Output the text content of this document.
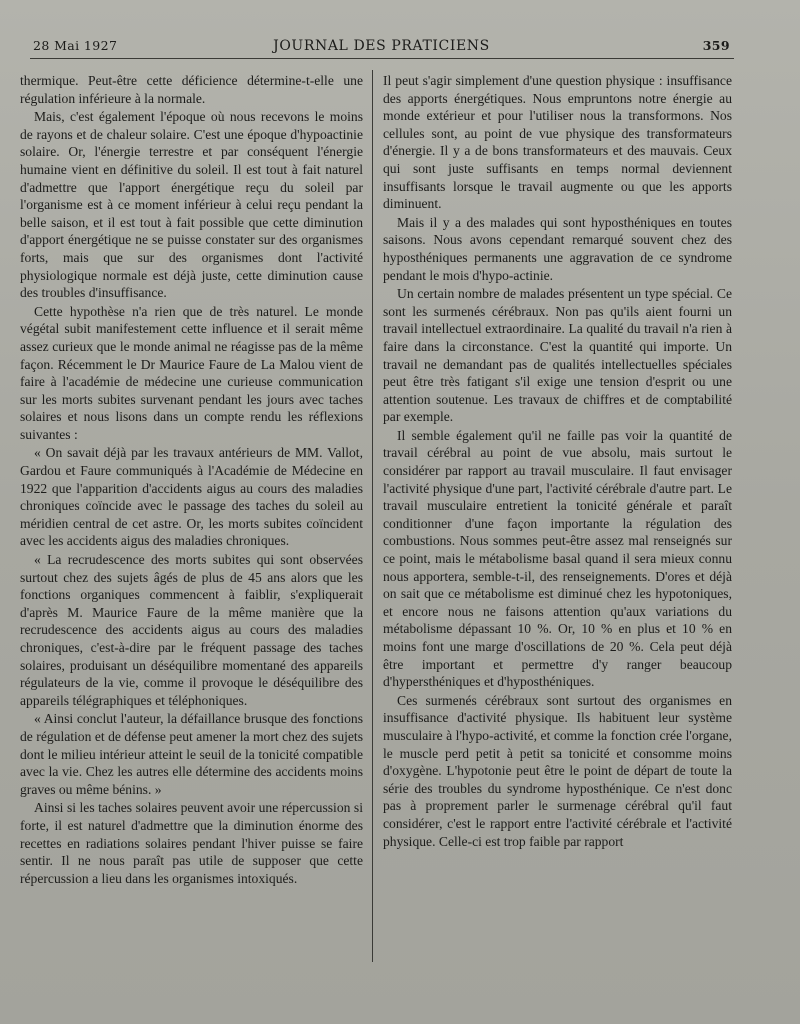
28 Mai 1927	JOURNAL DES PRATICIENS	359

thermique. Peut-être cette déficience détermine-t-elle une régulation inférieure à la normale.

Mais, c'est également l'époque où nous recevons le moins de rayons et de chaleur solaire. C'est une époque d'hypoactinie solaire. Or, l'énergie terrestre et par conséquent l'énergie humaine vient en définitive du soleil. Il est tout à fait naturel d'admettre que l'apport énergétique reçu du soleil par l'organisme est à ce moment inférieur à celui reçu pendant la belle saison, et il est tout à fait possible que cette diminution d'apport énergétique ne se puisse constater sur des organismes forts, mais que sur des organismes dont l'activité physiologique normale est déjà juste, cette diminution cause des troubles d'insuffisance.

Cette hypothèse n'a rien que de très naturel. Le monde végétal subit manifestement cette influence et il serait même assez curieux que le monde animal ne réagisse pas de la même façon. Récemment le Dr Maurice Faure de La Malou vient de faire à l'académie de médecine une curieuse communication sur les morts subites survenant pendant les jours avec taches solaires et nous lisons dans un compte rendu les réflexions suivantes :

« On savait déjà par les travaux antérieurs de MM. Vallot, Gardou et Faure communiqués à l'Académie de Médecine en 1922 que l'apparition d'accidents aigus au cours des maladies chroniques coïncide avec le passage des taches du soleil au méridien central de cet astre. Or, les morts subites coïncident avec les accidents aigus des maladies chroniques.

« La recrudescence des morts subites qui sont observées surtout chez des sujets âgés de plus de 45 ans alors que les fonctions organiques commencent à faiblir, s'expliquerait d'après M. Maurice Faure de la même manière que la recrudescence des accidents aigus au cours des maladies chroniques, c'est-à-dire par le fréquent passage des taches solaires, produisant un déséquilibre momentané des appareils régulateurs de la vie, comme il provoque le déséquilibre des appareils télégraphiques et téléphoniques.

« Ainsi conclut l'auteur, la défaillance brusque des fonctions de régulation et de défense peut amener la mort chez des sujets dont le milieu intérieur atteint le seuil de la tonicité compatible avec la vie. Chez les autres elle détermine des accidents moins graves ou même bénins. »

Ainsi si les taches solaires peuvent avoir une répercussion si forte, il est naturel d'admettre que la diminution énorme des recettes en radiations solaires pendant l'hiver puisse se faire sentir. Il ne nous paraît pas utile de supposer que cette répercussion a lieu dans les organismes intoxiqués.

Il peut s'agir simplement d'une question physique : insuffisance des apports énergétiques. Nous empruntons notre énergie au monde extérieur et pour l'utiliser nous la transformons. Nos cellules sont, au point de vue physique des transformateurs d'énergie. Il y a de bons transformateurs et des mauvais. Ceux qui sont juste suffisants en temps normal deviennent insuffisants lorsque le travail augmente ou que les apports diminuent.

Mais il y a des malades qui sont hyposthéniques en toutes saisons. Nous avons cependant remarqué souvent chez des hyposthéniques permanents une aggravation de ce syndrome pendant le mois d'hypo-actinie.

Un certain nombre de malades présentent un type spécial. Ce sont les surmenés cérébraux. Non pas qu'ils aient fourni un travail intellectuel extraordinaire. La qualité du travail n'a rien à faire dans la circonstance. C'est la quantité qui importe. Un travail ne demandant pas de qualités intellectuelles spéciales peut être très fatigant s'il exige une tension d'esprit ou une attention soutenue. Les travaux de chiffres et de comptabilité par exemple.

Il semble également qu'il ne faille pas voir la quantité de travail cérébral au point de vue absolu, mais surtout le considérer par rapport au travail musculaire. Il faut envisager l'activité physique d'une part, l'activité cérébrale d'autre part. Le travail musculaire entretient la tonicité générale et paraît conditionner d'une façon importante la régulation des combustions. Nous sommes peut-être assez mal renseignés sur ce point, mais le métabolisme basal quand il sera mieux connu nous apportera, semble-t-il, des renseignements. D'ores et déjà on sait que ce métabolisme est diminué chez les hypotoniques, et encore nous ne faisons attention qu'aux variations du métabolisme dépassant 10 %. Or, 10 % en plus et 10 % en moins font une marge d'oscillations de 20 %. Cela peut déjà être important et permettre d'y ranger beaucoup d'hypersthéniques et d'hyposthéniques.

Ces surmenés cérébraux sont surtout des organismes en insuffisance d'activité physique. Ils habituent leur système musculaire à l'hypo-activité, et comme la fonction crée l'organe, le muscle perd petit à petit sa tonicité et consomme moins d'oxygène. L'hypotonie peut être le point de départ de toute la série des troubles du syndrome hyposthénique. Ce n'est donc pas à proprement parler le surmenage cérébral qu'il faut considérer, c'est le rapport entre l'activité cérébrale et l'activité physique. Celle-ci est trop faible par rapport
